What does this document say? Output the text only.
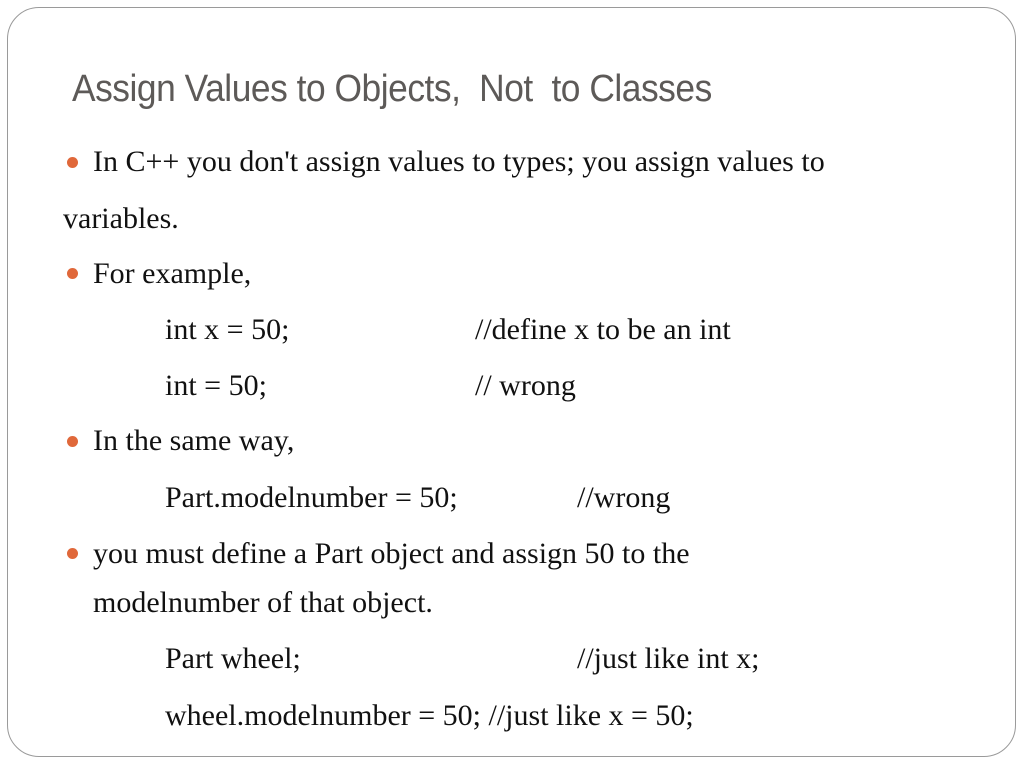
Assign Values to Objects,  Not  to Classes
In C++ you don't assign values to types; you assign values to
variables.
For example,
int x = 50;	//define x to be an int
int = 50;	// wrong
In the same way,
Part.modelnumber = 50;	//wrong
you must define a Part object and assign 50 to the
modelnumber of that object.
Part wheel;	//just like int x;
wheel.modelnumber = 50; //just like x = 50;
